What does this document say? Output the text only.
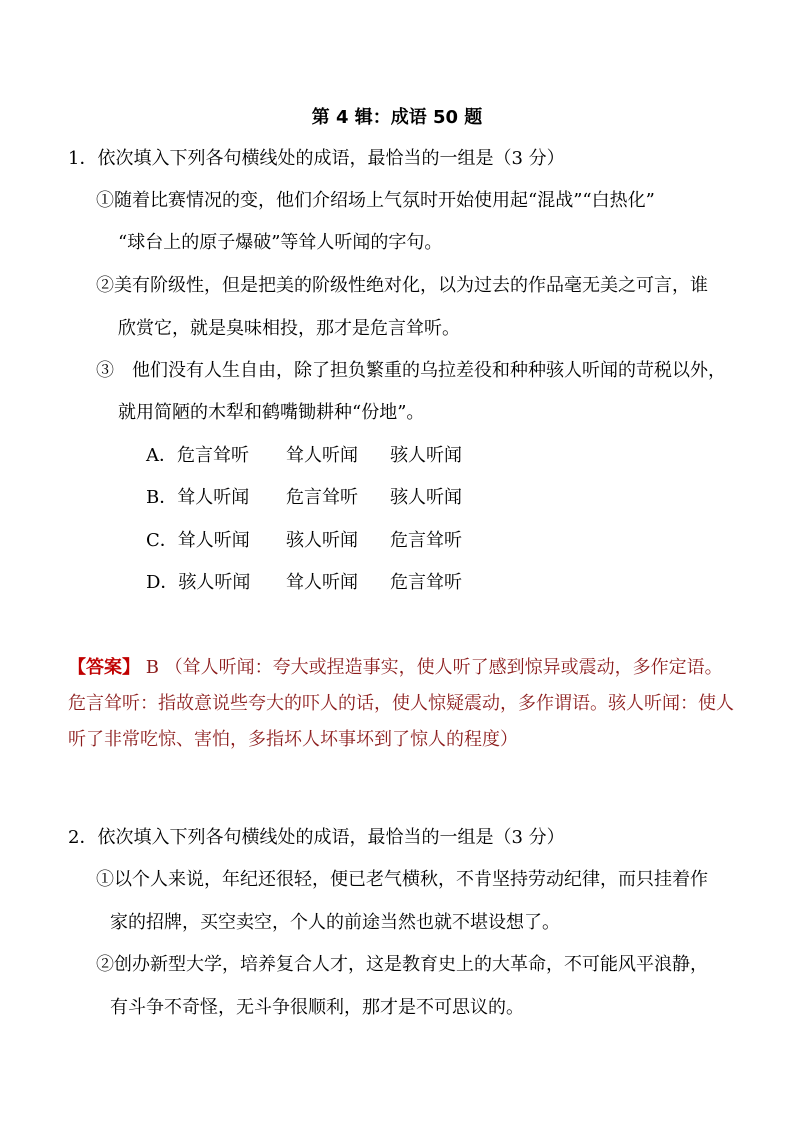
第 4 辑：成语 50 题
1．依次填入下列各句横线处的成语，最恰当的一组是（3 分）
①随着比赛情况的变，他们介绍场上气氛时开始使用起“混战”“白热化”
“球台上的原子爆破”等耸人听闻的字句。
②美有阶级性，但是把美的阶级性绝对化，以为过去的作品毫无美之可言，谁
欣赏它，就是臭味相投，那才是危言耸听。
③　他们没有人生自由，除了担负繁重的乌拉差役和种种骇人听闻的苛税以外，
就用简陋的木犁和鹤嘴锄耕种“份地”。
A．危言耸听 耸人听闻 骇人听闻
B．耸人听闻 危言耸听 骇人听闻
C．耸人听闻 骇人听闻 危言耸听
D．骇人听闻 耸人听闻 危言耸听
【答案】 B （耸人听闻：夸大或捏造事实，使人听了感到惊异或震动，多作定语。危言耸听：指故意说些夸大的吓人的话，使人惊疑震动，多作谓语。骇人听闻：使人听了非常吃惊、害怕，多指坏人坏事坏到了惊人的程度）
2．依次填入下列各句横线处的成语，最恰当的一组是（3 分）
①以个人来说，年纪还很轻，便已老气横秋，不肯坚持劳动纪律，而只挂着作
家的招牌，买空卖空，个人的前途当然也就不堪设想了。
②创办新型大学，培养复合人才，这是教育史上的大革命，不可能风平浪静，
有斗争不奇怪，无斗争很顺利，那才是不可思议的。
